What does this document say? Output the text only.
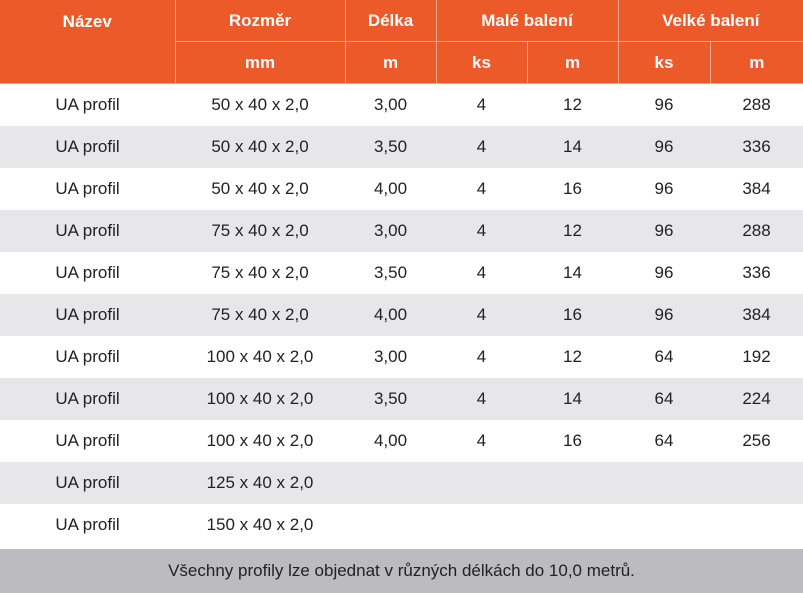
Název	Rozměr	Délka	Malé balení		Velké balení	
	mm	m	ks	m	ks	m
UA profil	50 x 40 x 2,0	3,00	4	12	96	288
UA profil	50 x 40 x 2,0	3,50	4	14	96	336
UA profil	50 x 40 x 2,0	4,00	4	16	96	384
UA profil	75 x 40 x 2,0	3,00	4	12	96	288
UA profil	75 x 40 x 2,0	3,50	4	14	96	336
UA profil	75 x 40 x 2,0	4,00	4	16	96	384
UA profil	100 x 40 x 2,0	3,00	4	12	64	192
UA profil	100 x 40 x 2,0	3,50	4	14	64	224
UA profil	100 x 40 x 2,0	4,00	4	16	64	256
UA profil	125 x 40 x 2,0					
UA profil	150 x 40 x 2,0					
Všechny profily lze objednat v různých délkách do 10,0 metrů.
